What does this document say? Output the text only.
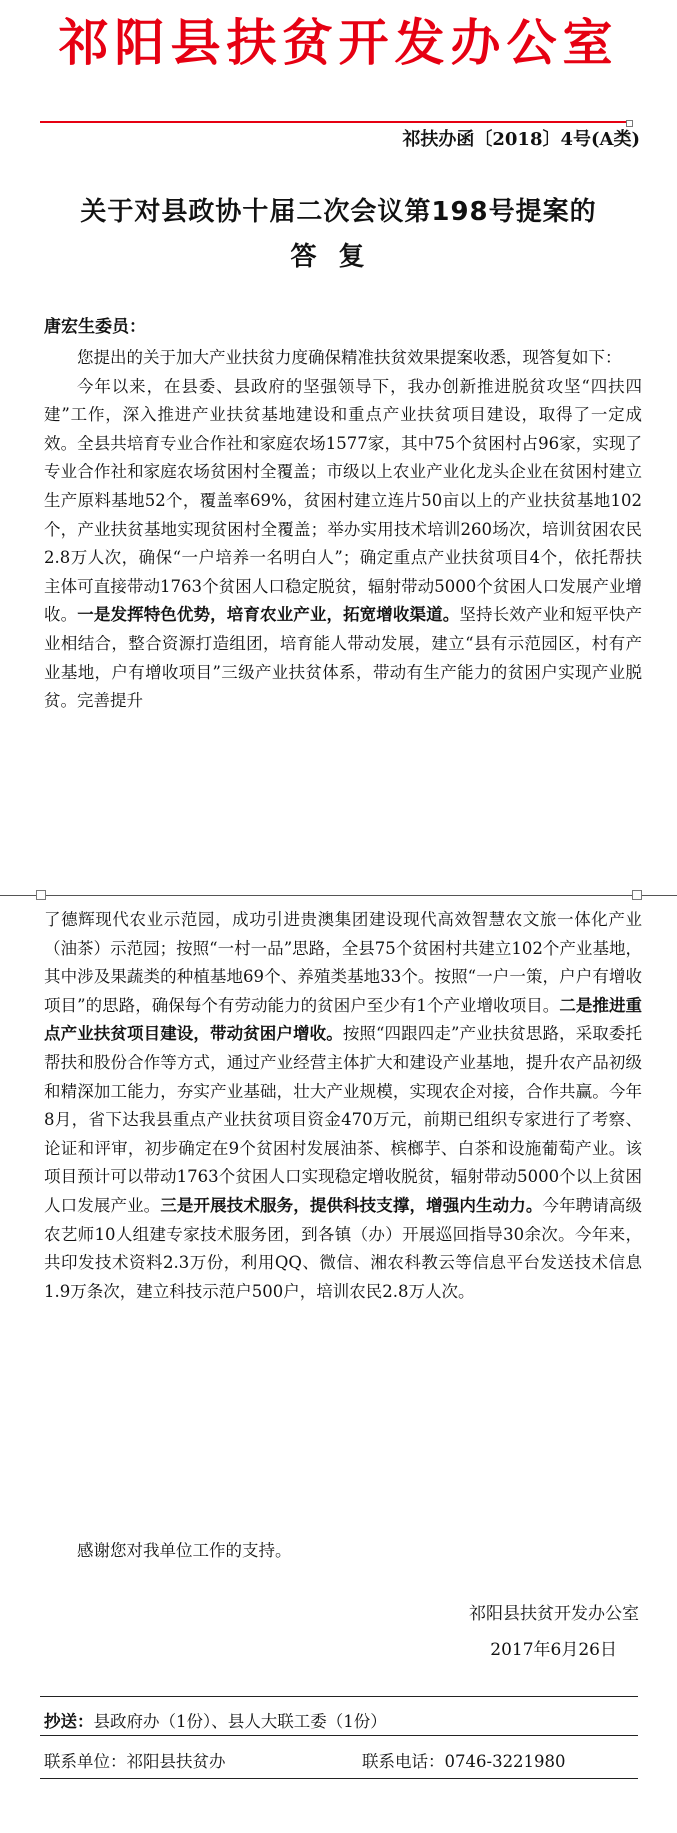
祁阳县扶贫开发办公室
祁扶办函〔2018〕4号(A类)
关于对县政协十届二次会议第198号提案的
答复
唐宏生委员：

您提出的关于加大产业扶贫力度确保精准扶贫效果提案收悉，现答复如下：

今年以来，在县委、县政府的坚强领导下，我办创新推进脱贫攻坚“四扶四建”工作，深入推进产业扶贫基地建设和重点产业扶贫项目建设，取得了一定成效。全县共培育专业合作社和家庭农场1577家，其中75个贫困村占96家，实现了专业合作社和家庭农场贫困村全覆盖；市级以上农业产业化龙头企业在贫困村建立生产原料基地52个，覆盖率69%，贫困村建立连片50亩以上的产业扶贫基地102个，产业扶贫基地实现贫困村全覆盖；举办实用技术培训260场次，培训贫困农民2.8万人次，确保“一户培养一名明白人”；确定重点产业扶贫项目4个，依托帮扶主体可直接带动1763个贫困人口稳定脱贫，辐射带动5000个贫困人口发展产业增收。一是发挥特色优势，培育农业产业，拓宽增收渠道。坚持长效产业和短平快产业相结合，整合资源打造组团，培育能人带动发展，建立“县有示范园区，村有产业基地，户有增收项目”三级产业扶贫体系，带动有生产能力的贫困户实现产业脱贫。完善提升

了德辉现代农业示范园，成功引进贵澳集团建设现代高效智慧农文旅一体化产业（油茶）示范园；按照“一村一品”思路，全县75个贫困村共建立102个产业基地，其中涉及果蔬类的种植基地69个、养殖类基地33个。按照“一户一策，户户有增收项目”的思路，确保每个有劳动能力的贫困户至少有1个产业增收项目。二是推进重点产业扶贫项目建设，带动贫困户增收。按照“四跟四走”产业扶贫思路，采取委托帮扶和股份合作等方式，通过产业经营主体扩大和建设产业基地，提升农产品初级和精深加工能力，夯实产业基础，壮大产业规模，实现农企对接，合作共赢。今年8月，省下达我县重点产业扶贫项目资金470万元，前期已组织专家进行了考察、论证和评审，初步确定在9个贫困村发展油茶、槟榔芋、白茶和设施葡萄产业。该项目预计可以带动1763个贫困人口实现稳定增收脱贫，辐射带动5000个以上贫困人口发展产业。三是开展技术服务，提供科技支撑，增强内生动力。今年聘请高级农艺师10人组建专家技术服务团，到各镇（办）开展巡回指导30余次。今年来，共印发技术资料2.3万份，利用QQ、微信、湘农科教云等信息平台发送技术信息1.9万条次，建立科技示范户500户，培训农民2.8万人次。

感谢您对我单位工作的支持。
祁阳县扶贫开发办公室
2017年6月26日
抄送：县政府办（1份）、县人大联工委（1份）
联系单位：祁阳县扶贫办	联系电话：0746-3221980
